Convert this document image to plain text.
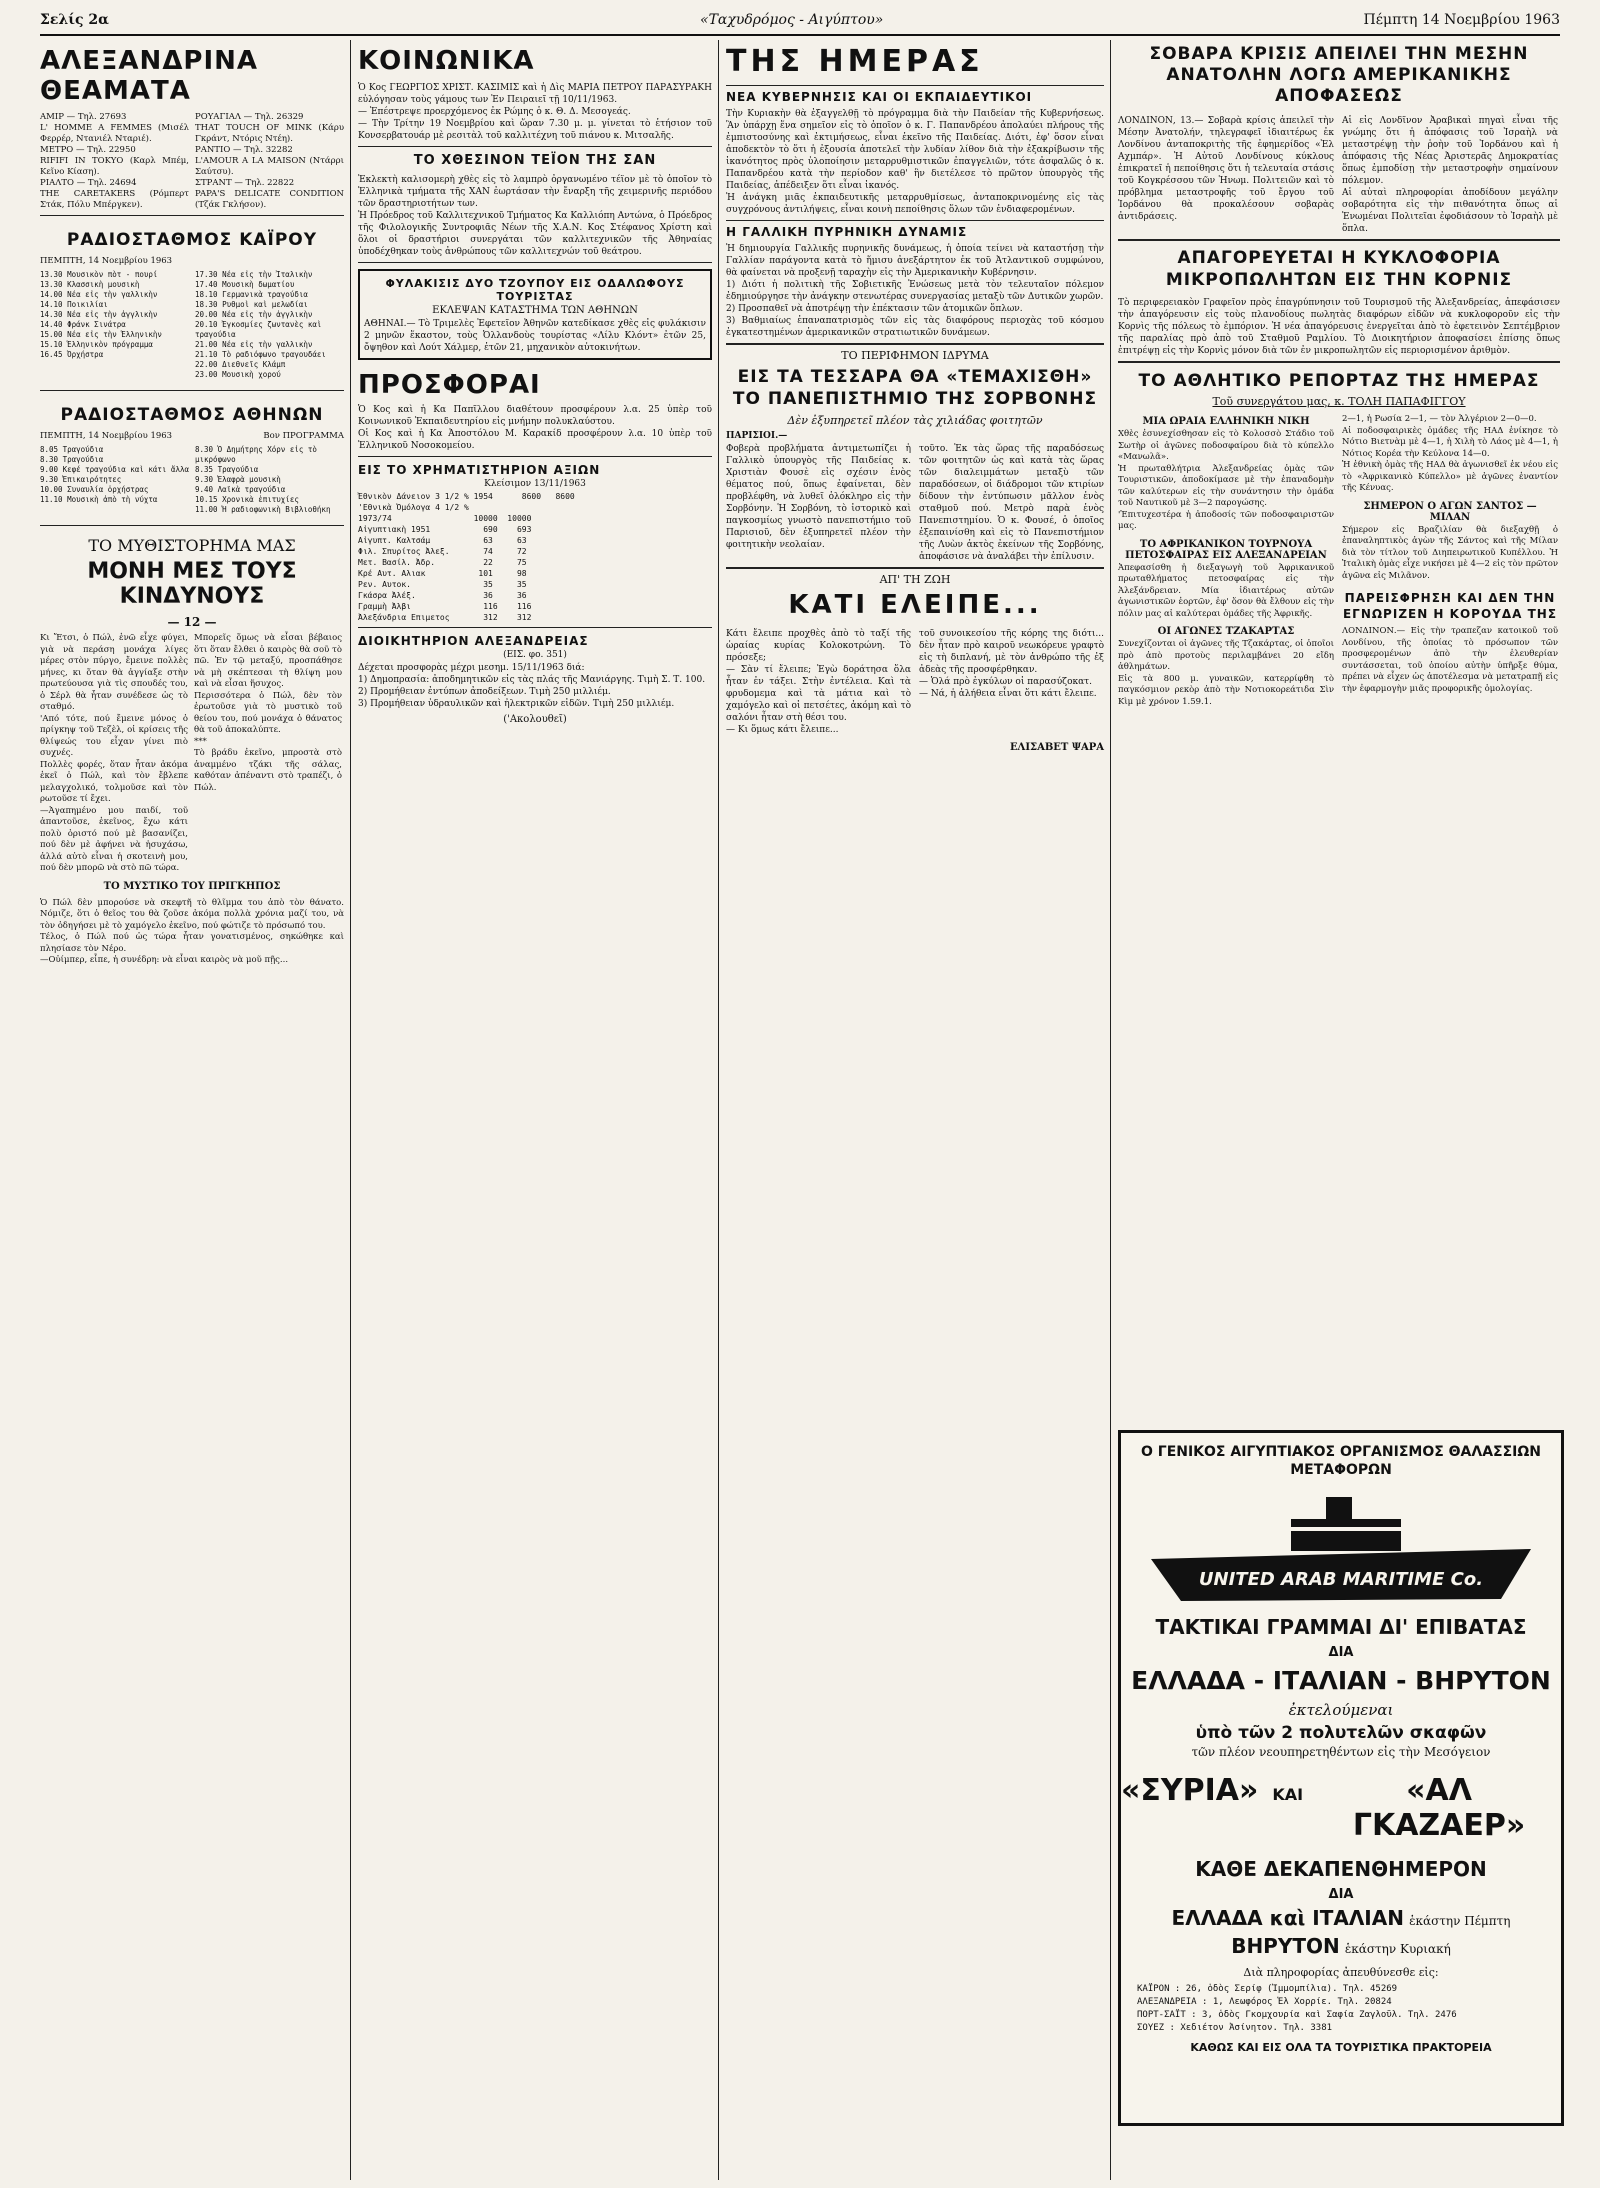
Σελίς 2α	«Ταχυδρόμος - Αιγύπτου»	Πέμπτη 14 Νοεμβρίου 1963
ΑΛΕΞΑΝΔΡΙΝΑ ΘΕΑΜΑΤΑ

ΑΜΙΡ — Τηλ. 27693
L' HOMME A FEMMES (Μισέλ Φερρέρ, Ντανιέλ Νταριέ).
ΜΕΤΡΟ — Τηλ. 22950
RIFIFI IN TOKYO (Καρλ Μπέμ, Κεῖνο Κίαση).
ΡΙΑΛΤΟ — Τηλ. 24694
THE CARETAKERS (Ρόμπερτ Στάκ, Πόλυ Μπέργκεν).

ΡΟΥΑΓΙΑΛ — Τηλ. 26329
THAT TOUCH OF MINK (Κάρυ Γκράντ, Ντόρις Ντέη).
ΡΑΝΤΙΟ — Τηλ. 32282
L'AMOUR A LA MAISON (Ντάρρι Σαύτσυ).
ΣΤΡΑΝΤ — Τηλ. 22822
PAPA'S DELICATE CONDITION (Τζάκ Γκλήσον).

ΡΑΔΙΟΣΤΑΘΜΟΣ ΚΑΪΡΟΥ

ΠΕΜΠΤΗ, 14 Νοεμβρίου 1963

13.30 Μουσικὸν πὸτ - πουρί
13.30 Κλασσικὴ μουσικὴ
14.00 Νέα εἰς τὴν γαλλικὴν
14.10 Ποικιλίαι
14.30 Νέα εἰς τὴν ἀγγλικὴν
14.40 Φράνκ Σινάτρα
15.00 Νέα εἰς τὴν Ἑλληνικὴν
15.10 Ἑλληνικὸν πρόγραμμα
16.45 Ὀρχήστρα

17.30 Νέα εἰς τὴν Ἰταλικὴν
17.40 Μουσικὴ δωματίου
18.10 Γερμανικὰ τραγούδια
18.30 Ρυθμοὶ καὶ μελωδίαι
20.00 Νέα εἰς τὴν ἀγγλικὴν
20.10 Ἐγκοσμίες ζωντανὲς καὶ τραγούδια
21.00 Νέα εἰς τὴν γαλλικὴν
21.10 Τὸ ραδιόφωνο τραγουδάει
22.00 Διεθνεῖς Κλάμπ
23.00 Μουσικὴ χορού

ΡΑΔΙΟΣΤΑΘΜΟΣ ΑΘΗΝΩΝ
ΠΕΜΠΤΗ, 14 Νοεμβρίου 1963	Βον ΠΡΟΓΡΑΜΜΑ

8.05 Τραγούδια
8.30 Τραγούδια
9.00 Κεφέ τραγούδια καὶ κάτι ἄλλα
9.30 Ἐπικαιρότητες
10.00 Συναυλία ὀρχήστρας
11.10 Μουσικὴ ἀπὸ τὴ νύχτα

8.30 Ὁ Δημήτρης Χόρν εἰς τὸ μικρόφωνο
8.35 Τραγούδια
9.30 Ἑλαφρὰ μουσικὴ
9.40 Λαϊκὰ τραγούδια
10.15 Χρονικὰ ἐπιτυχίες
11.00 Ἡ ραδιοφωνικὴ Βιβλιοθήκη

ΤΟ ΜΥΘΙΣΤΟΡΗΜΑ ΜΑΣ
ΜΟΝΗ ΜΕΣ ΤΟΥΣ ΚΙΝΔΥΝΟΥΣ

— 12 —

Κι Ἔτσι, ὁ Πώλ, ἐνῶ εἶχε φύγει, γιὰ νὰ περάση μονάχα λίγες μέρες στὸν πύργο, ἔμεινε πολλὲς μήνες, κι ὅταν θὰ ἀγγίαξε στὴν πρωτεύουσα γιὰ τὶς σπουδές του, ὁ Σέρλ θὰ ἦταν συνέδεσε ὡς τὸ σταθμό.
'Από τότε, πού ἔμεινε μόνος ὁ πρίγκηψ τοῦ Τεζὲλ, οἱ κρίσεις τῆς θλίψεώς του εἶχαν γίνει πιὸ συχνές.
Πολλὲς φορές, ὅταν ἦταν ἀκόμα ἐκεῖ ὁ Πώλ, καὶ τὸν ἔβλεπε μελαγχολικό, τολμοῦσε καὶ τὸν ρωτοῦσε τί ἔχει.
—Ἀγαπημένο μου παιδί, τοῦ ἀπαντοῦσε, ἐκεῖνος, ἔχω κάτι πολὺ ὀριστό πού μὲ βασανίζει, πού δὲν μὲ ἀφήνει νὰ ἡσυχάσω, ἀλλά αὐτὸ εἶναι ἡ σκοτεινὴ μου, πού δὲν μπορῶ νὰ στὸ πῶ τώρα.

Μπορεῖς ὅμως νὰ εἶσαι βέβαιος ὅτι ὅταν ἔλθει ὁ καιρὸς θὰ σοῦ τὸ πῶ. Ἐν τῷ μεταξύ, προσπάθησε νὰ μὴ σκέπτεσαι τὴ θλίψη μου καὶ νὰ εἶσαι ἥσυχος.
Περισσότερα ὁ Πώλ, δὲν τὸν ἐρωτοῦσε γιὰ τὸ μυστικὸ τοῦ θείου του, πού μονάχα ὁ θάνατος θὰ τοῦ ἀποκαλύπτε.
***
Τὸ βράδυ ἐκεῖνο, μπροστὰ στὸ ἀναμμένο τζάκι τῆς σάλας, καθόταν ἀπέναντι στὸ τραπέζι, ὁ Πώλ.

ΤΟ ΜΥΣΤΙΚΟ ΤΟΥ ΠΡΙΓΚΗΠΟΣ

Ὁ Πώλ δὲν μπορούσε νὰ σκεφτῆ τὸ θλῖμμα του ἀπὸ τὸν θάνατο. Νόμιζε, ὅτι ὁ θεῖος του θὰ ζοῦσε ἀκόμα πολλὰ χρόνια μαζί του, νὰ τὸν ὁδηγήσει μὲ τὸ χαμόγελο ἐκεῖνο, πού φώτιζε τὸ πρόσωπό του.
Τέλος, ὁ Πώλ πού ὡς τώρα ἦταν γονατισμένος, σηκώθηκε καὶ πλησίασε τὸν Νέρο.
—Οὐίμπερ, εἶπε, ἡ συνέδρη: νὰ εἶναι καιρὸς νὰ μοῦ πῇς...

ΚΟΙΝΩΝΙΚΑ

Ὁ Κος ΓΕΩΡΓΙΟΣ ΧΡΙΣΤ. ΚΑΣΙΜΙΣ καὶ ἡ Δὶς ΜΑΡΙΑ ΠΕΤΡΟΥ ΠΑΡΑΣΥΡΑΚΗ εὐλόγησαν τοὺς γάμους των Ἐν Πειραιεῖ τῇ 10/11/1963.
— Ἐπέστρεψε προερχόμενος ἐκ Ρώμης ὁ κ. Θ. Δ. Μεσογεάς.
— Τὴν Τρίτην 19 Νοεμβρίου καὶ ὥραν 7.30 μ. μ. γίνεται τὸ ἑτήσιον τοῦ Κονσερβατουάρ μὲ ρεσιτὰλ τοῦ καλλιτέχνη τοῦ πιάνου κ. Μιτσαλῆς.

ΤΟ ΧΘΕΣΙΝΟΝ ΤΕΪΟΝ ΤΗΣ ΣΑΝ

Ἐκλεκτὴ καλισομερὴ χθὲς εἰς τὸ λαμπρὸ ὀργανωμένο τέϊον μὲ τὸ ὁποῖον τὸ Ἑλληνικὰ τμήματα τῆς ΧΑΝ ἐωρτάσαν τὴν ἔναρξη τῆς χειμερινῆς περιόδου τῶν δραστηριοτήτων των.
Ἡ Πρόεδρος τοῦ Καλλιτεχνικοῦ Τμήματος Κα Καλλιόπη Αντώνα, ὁ Πρόεδρος τῆς Φιλολογικῆς Συντροφιᾶς Νέων τῆς Χ.Α.Ν. Κος Στέφανος Χρίστη καὶ ὅλοι οἱ δραστήριοι συνεργάται τῶν καλλιτεχνικῶν τῆς Ἀθηναίας ὑποδέχθηκαν τοὺς ἀνθρώπους τῶν καλλιτεχνών τοῦ θεάτρου.

ΦΥΛΑΚΙΣΙΣ ΔΥΟ ΤΖΟΥΠΟΥ ΕΙΣ ΟΔΑΛΩΦΟΥΣ ΤΟΥΡΙΣΤΑΣ

ΕΚΛΕΨΑΝ ΚΑΤΑΣΤΗΜΑ ΤΩΝ ΑΘΗΝΩΝ

ΑΘΗΝΑΙ.— Τὸ Τριμελὲς Ἐφετεῖον Ἀθηνῶν κατεδίκασε χθὲς εἰς φυλάκισιν 2 μηνῶν ἕκαστον, τοὺς Ὀλλανδοὺς τουρίστας «Λίλυ Κλόντ» ἐτῶν 25, ὄψηθον καὶ Λούτ Χάλμερ, ἐτῶν 21, μηχανικὸν αὐτοκινήτων.

ΠΡΟΣΦΟΡΑΙ

Ὁ Κος καὶ ἡ Κα Παπῖλλου διαθέτουν προσφέρουν λ.α. 25 ὑπὲρ τοῦ Κοινωνικοῦ Ἐκπαιδευτηρίου εἰς μνήμην πολυκλαύστου.
Οἱ Κος καὶ ἡ Κα Ἀποστόλου Μ. Καρακίδ προσφέρουν λ.α. 10 ὑπὲρ τοῦ Ἑλληνικοῦ Νοσοκομείου.

ΕΙΣ ΤΟ ΧΡΗΜΑΤΙΣΤΗΡΙΟΝ ΑΞΙΩΝ

Κλείσιμον 13/11/1963

Ἐθνικὸν Δάνειον 3 1/2 % 1954      8600   8600
'Εθνικὰ Ὀμόλογα 4 1/2 %
1973/74                 10000  10000
Αἰγυπτιακὴ 1951           690    693
Αἰγυπτ. Καλτσάμ           63     63
Φιλ. Σπυρίτος Ἀλεξ.       74     72
Μετ. Βασίλ. Ἀδρ.          22     75
Κρέ Αυτ. Αλιακ           101     98
Ρεν. Αυτοκ.               35     35
Γκάσρα Ἀλέξ.              36     36
Γραμμὴ Ἀλβι               116    116
Ἀλεξάνδρια Επιμετος       312    312

ΔΙΟΙΚΗΤΗΡΙΟΝ ΑΛΕΞΑΝΔΡΕΙΑΣ

(ΕΙΣ. φο. 351)

Δέχεται προσφορὰς μέχρι μεσημ. 15/11/1963 διά:
1) Δημοπρασία: ἀποδημητικῶν εἰς τὰς πλάς τῆς Μανιάργης. Τιμὴ Σ. Τ. 100.
2) Προμήθειαν ἐντύπων ἀποδείξεων. Τιμὴ 250 μιλλιέμ.
3) Προμήθειαν ὑδραυλικῶν καὶ ἠλεκτρικῶν εἰδῶν. Τιμὴ 250 μιλλιέμ.

('Ακολουθεῖ)

ΤΗΣ ΗΜΕΡΑΣ
ΝΕΑ ΚΥΒΕΡΝΗΣΙΣ ΚΑΙ ΟΙ ΕΚΠΑΙΔΕΥΤΙΚΟΙ

Τὴν Κυριακὴν θὰ ἐξαγγελθῇ τὸ πρόγραμμα διὰ τὴν Παιδείαν τῆς Κυβερνήσεως. Ἂν ὑπάρχῃ ἕνα σημεῖον εἰς τὸ ὁποῖον ὁ κ. Γ. Παπανδρέου ἀπολαύει πλήρους τῆς ἐμπιστοσύνης καὶ ἐκτιμήσεως, εἶναι ἐκεῖνο τῆς Παιδείας. Διότι, ἐφ' ὅσον εἶναι ἀποδεκτὸν τὸ ὅτι ἡ ἐξουσία ἀποτελεῖ τὴν λυδίαν λίθον διὰ τὴν ἐξακρίβωσιν τῆς ἱκανότητος πρὸς ὑλοποίησιν μεταρρυθμιστικῶν ἐπαγγελιῶν, τότε ἀσφαλῶς ὁ κ. Παπανδρέου κατὰ τὴν περίοδον καθ' ἣν διετέλεσε τὸ πρῶτον ὑπουργὸς τῆς Παιδείας, ἀπέδειξεν ὅτι εἶναι ἱκανός.
Ἡ ἀνάγκη μιᾶς ἐκπαιδευτικῆς μεταρρυθμίσεως, ἀνταποκρινομένης εἰς τὰς συγχρόνους ἀντιλήψεις, εἶναι κοινὴ πεποίθησις ὅλων τῶν ἐνδιαφερομένων.

Η ΓΑΛΛΙΚΗ ΠΥΡΗΝΙΚΗ ΔΥΝΑΜΙΣ

Ἡ δημιουργία Γαλλικῆς πυρηνικῆς δυνάμεως, ἡ ὁποία τείνει νὰ καταστήσῃ τὴν Γαλλίαν παράγοντα κατὰ τὸ ἥμισυ ἀνεξάρτητον ἐκ τοῦ Ἀτλαντικοῦ συμφώνου, θὰ φαίνεται νὰ προξενῇ ταραχὴν εἰς τὴν Ἀμερικανικὴν Κυβέρνησιν.
1) Διότι ἡ πολιτικὴ τῆς Σοβιετικῆς Ἑνώσεως μετὰ τὸν τελευταῖον πόλεμον ἐδημιούργησε τὴν ἀνάγκην στενωτέρας συνεργασίας μεταξὺ τῶν Δυτικῶν χωρῶν.
2) Προσπαθεῖ νὰ ἀποτρέψῃ τὴν ἐπέκτασιν τῶν ἀτομικῶν ὅπλων.
3) Βαθμιαίως ἐπαναπατρισμὸς τῶν εἰς τὰς διαφόρους περιοχὰς τοῦ κόσμου ἐγκατεστημένων ἀμερικανικῶν στρατιωτικῶν δυνάμεων.

ΤΟ ΠΕΡΙΦΗΜΟΝ ΙΔΡΥΜΑ

ΕΙΣ ΤΑ ΤΕΣΣΑΡΑ ΘΑ «ΤΕΜΑΧΙΣΘΗ» ΤΟ ΠΑΝΕΠΙΣΤΗΜΙΟ ΤΗΣ ΣΟΡΒΟΝΗΣ

Δὲν ἐξυπηρετεῖ πλέον τὰς χιλιάδας φοιτητῶν

ΠΑΡΙΣΙΟΙ.—

Φοβερὰ προβλήματα ἀντιμετωπίζει ἡ Γαλλικὸ ὑπουργὸς τῆς Παιδείας κ. Χριστιὰν Φουσὲ εἰς σχέσιν ἐνὸς θέματος πού, ὅπως ἐφαίνεται, δὲν προβλέφθη, νὰ λυθεῖ ὁλόκληρο εἰς τὴν Σορβόνην. Ἡ Σορβόνη, τὸ ἰστορικὸ καὶ παγκοσμίως γνωστὸ πανεπιστήμιο τοῦ Παρισιοῦ, δὲν ἐξυπηρετεῖ πλέον τὴν φοιτητικὴν νεολαίαν.

τοῦτο. Ἐκ τὰς ὥρας τῆς παραδόσεως τῶν φοιτητῶν ὡς καὶ κατὰ τὰς ὥρας τῶν διαλειμμάτων μεταξὺ τῶν παραδόσεων, οἱ διάδρομοι τῶν κτιρίων δίδουν τὴν ἐντύπωσιν μᾶλλον ἐνὸς σταθμοῦ πού. Μετρὸ παρὰ ἑνὸς Πανεπιστημίου. Ὁ κ. Φουσέ, ὁ ὁποῖος ἐξεπαινίσθη καὶ εἰς τὸ Πανεπιστήμιον τῆς Λυὼν ἀκτὸς ἐκείνων τῆς Σορβόνης, ἀποφάσισε νὰ ἀναλάβει τὴν ἐπίλυσιν.

ΑΠ' ΤΗ ΖΩΗ

ΚΑΤΙ ΕΛΕΙΠΕ...

Κάτι ἔλειπε προχθὲς ἀπὸ τὸ ταξί τῆς ὡραίας κυρίας Κολοκοτρώνη. Τὸ πρόσεξε;
— Σὰν τί ἔλειπε; Ἐγὼ δοράτησα ὅλα ἦταν ἐν τάξει. Στὴν ἐντέλεια. Καὶ τὰ φρυδομεμα καὶ τὰ μάτια καὶ τὸ χαμόγελο καὶ οἱ πετσέτες, ἀκόμη καὶ τὸ σαλόνι ἦταν στὴ θέσι του.
— Κι ὅμως κάτι ἔλειπε...

τοῦ συνοικεσίου τῆς κόρης της διότι... δὲν ἦταν πρὸ καιροῦ νεωκόρευε γραφτὸ εἰς τὴ διπλανή, μὲ τὸν ἀνθρώπο τῆς ἐξ ἀδεὰς τῆς προσφέρθηκαν.
— Ὁλά πρὸ ἐγκύλων οἱ παρασύζοκατ.
— Νά, ἡ ἀλήθεια εἶναι ὅτι κάτι ἔλειπε.

ΕΛΙΣΑΒΕΤ ΨΑΡΑ

ΣΟΒΑΡΑ ΚΡΙΣΙΣ ΑΠΕΙΛΕΙ ΤΗΝ ΜΕΣΗΝ ΑΝΑΤΟΛΗΝ ΛΟΓΩ ΑΜΕΡΙΚΑΝΙΚΗΣ ΑΠΟΦΑΣΕΩΣ

ΛΟΝΔΙΝΟΝ, 13.— Σοβαρὰ κρίσις ἀπειλεῖ τὴν Μέσην Ἀνατολήν, τηλεγραφεῖ ἰδιαιτέρως ἐκ Λονδίνου ἀνταποκριτὴς τῆς ἐφημερίδος «Ἐλ Αχμπάρ». Ἡ Αὐτοῦ Λονδίνους κύκλους ἐπικρατεῖ ἡ πεποίθησις ὅτι ἡ τελευταία στάσις τοῦ Κογκρέσσου τῶν Ἡνωμ. Πολιτειῶν καὶ τὸ πρόβλημα μεταστροφῆς τοῦ ἔργου τοῦ Ἰορδάνου θὰ προκαλέσουν σοβαρὰς ἀντιδράσεις.

Αἱ εἰς Λονδῖνον Ἀραβικαὶ πηγαὶ εἶναι τῆς γνώμης ὅτι ἡ ἀπόφασις τοῦ Ἰσραὴλ νὰ μεταστρέψῃ τὴν ῥοὴν τοῦ Ἰορδάνου καὶ ἡ ἀπόφασις τῆς Νέας Ἀριστερᾶς Δημοκρατίας ὅπως ἐμποδίσῃ τὴν μεταστροφὴν σημαίνουν πόλεμον.
Αἱ αὐταὶ πληροφορίαι ἀποδίδουν μεγάλην σοβαρότητα εἰς τὴν πιθανότητα ὅπως αἱ Ἑνωμέναι Πολιτεῖαι ἐφοδιάσουν τὸ Ἰσραὴλ μὲ ὅπλα.

ΑΠΑΓΟΡΕΥΕΤΑΙ Η ΚΥΚΛΟΦΟΡΙΑ ΜΙΚΡΟΠΩΛΗΤΩΝ ΕΙΣ ΤΗΝ ΚΟΡΝΙΣ

Τὸ περιφερειακὸν Γραφεῖον πρὸς ἐπαγρύπνησιν τοῦ Τουρισμοῦ τῆς Ἀλεξανδρείας, ἀπεφάσισεν τὴν ἀπαγόρευσιν εἰς τοὺς πλανοδίους πωλητὰς διαφόρων εἰδῶν νὰ κυκλοφοροῦν εἰς τὴν Κορνὶς τῆς πόλεως τὸ ἐμπόριον. Ἡ νέα ἀπαγόρευσις ἐνεργεῖται ἀπὸ τὸ ἐφετεινὸν Σεπτέμβριον τῆς παραλίας πρὸ ἀπὸ τοῦ Σταθμοῦ Ραμλίου. Τὸ Διοικητήριον ἀποφασίσει ἐπίσης ὅπως ἐπιτρέψῃ εἰς τὴν Κορνὶς μόνον διὰ τῶν ἐν μικροπωλητῶν εἰς περιορισμένον ἀριθμὸν.

ΤΟ ΑΘΛΗΤΙΚΟ ΡΕΠΟΡΤΑΖ ΤΗΣ ΗΜΕΡΑΣ

Τοῦ συνεργάτου μας, κ. ΤΟΛΗ ΠΑΠΑΦΙΓΓΟΥ

ΜΙΑ ΩΡΑΙΑ ΕΛΛΗΝΙΚΗ ΝΙΚΗ

Χθὲς ἐσυνεχίσθησαν εἰς τὸ Κολοσσὸ Στάδιο τοῦ Σωτὴρ οἱ ἀγῶνες ποδοσφαίρου διὰ τὸ κύπελλο «Μανωλᾶ».
Ἡ πρωταθλήτρια Ἀλεξανδρείας ὁμὰς τῶν Τουριστικῶν, ἀποδοκίμασε μὲ τὴν ἐπαναδομὴν τῶν καλύτερων εἰς τὴν συνάντησιν τὴν ὁμάδα τοῦ Ναυτικοῦ μὲ 3—2 παρογώσης.
'Ἐπιτυχεστέρα ἡ ἀποδοσίς τῶν ποδοσφαιριστῶν μας.

ΤΟ ΑΦΡΙΚΑΝΙΚΟΝ ΤΟΥΡΝΟΥΑ ΠΕΤΟΣΦΑΙΡΑΣ ΕΙΣ ΑΛΕΞΑΝΔΡΕΙΑΝ

Ἀπεφασίσθη ἡ διεξαγωγὴ τοῦ Ἀφρικανικοῦ πρωταθλήματος πετοσφαίρας εἰς τὴν Ἀλεξάνδρειαν. Μία ἰδιαιτέρως αὐτῶν ἀγωνιστικῶν ἑορτῶν, ἐφ' ὅσον θὰ ἔλθουν εἰς τὴν πόλιν μας αἱ καλύτεραι ὁμάδες τῆς Ἀφρικῆς.

ΟΙ ΑΓΩΝΕΣ ΤΖΑΚΑΡΤΑΣ

Συνεχίζονται οἱ ἀγῶνες τῆς Τζακάρτας, οἱ ὁποῖοι πρὸ ἀπὸ προτοὺς περιλαμβάνει 20 εἴδη ἀθλημάτων.
Εἰς τὰ 800 μ. γυναικῶν, κατερρίφθη τὸ παγκόσμιον ρεκὸρ ἀπὸ τὴν Νοτιοκορεάτιδα Σὶν Κὶμ μὲ χρόνον 1.59.1.

2—1, ἡ Ρωσία 2—1, — τὸν Ἀλγέριον 2—0—0.
Αἱ ποδοσφαιρικὲς ὁμάδες τῆς ΗΑΔ ἐνίκησε τὸ Νότιο Βιετνὰμ μὲ 4—1, ἡ Χιλὴ τὸ Λάος μὲ 4—1, ἡ Νότιος Κορέα τὴν Κεύλονα 14—0.
Ἡ ἐθνικὴ ὁμὰς τῆς ΗΑΔ θὰ ἀγωνισθεῖ ἐκ νέου εἰς τὸ «Ἀφρικανικὸ Κύπελλο» μὲ ἀγῶνες ἐναντίον τῆς Κένυας.

ΣΗΜΕΡΟΝ Ο ΑΓΩΝ ΣΑΝΤΟΣ — ΜΙΛΑΝ

Σήμερον εἰς Βραζιλίαν θὰ διεξαχθῇ ὁ ἐπαναληπτικὸς ἀγὼν τῆς Σάντος καὶ τῆς Μίλαν διὰ τὸν τίτλον τοῦ Διηπειρωτικοῦ Κυπέλλου. Ἡ Ἰταλικὴ ὁμὰς εἶχε νικήσει μὲ 4—2 εἰς τὸν πρῶτον ἀγῶνα εἰς Μιλᾶνον.

ΠΑΡΕΙΣΦΡΗΣΗ ΚΑΙ ΔΕΝ ΤΗΝ ΕΓΝΩΡΙΖΕΝ Η ΚΟΡΟΥΔΑ ΤΗΣ

ΛΟΝΔΙΝΟΝ.— Εἰς τὴν τραπεζαν κατοικοῦ τοῦ Λονδίνου, τῆς ὁποίας τὸ πρόσωπον τῶν προσφερομένων ἀπὸ τὴν ἐλευθερίαν συντάσσεται, τοῦ ὁποίου αὐτὴν ὑπῆρξε θύμα, πρέπει νὰ εἶχεν ὡς ἀποτέλεσμα νὰ μετατραπῇ εἰς τὴν ἐφαρμογὴν μιᾶς προφορικῆς ὁμολογίας.

Ο ΓΕΝΙΚΟΣ ΑΙΓΥΠΤΙΑΚΟΣ ΟΡΓΑΝΙΣΜΟΣ ΘΑΛΑΣΣΙΩΝ ΜΕΤΑΦΟΡΩΝ

UNITED ARAB MARITIME Co.

ΤΑΚΤΙΚΑΙ ΓΡΑΜΜΑΙ ΔΙ' ΕΠΙΒΑΤΑΣ

ΔΙΑ

ΕΛΛΑΔΑ - ΙΤΑΛΙΑΝ - ΒΗΡΥΤΟΝ

ἐκτελούμεναι

ὑπὸ τῶν 2 πολυτελῶν σκαφῶν

τῶν πλέον νεουπηρετηθέντων εἰς τὴν Μεσόγειον

«ΣΥΡΙΑ» ΚΑΙ	«ΑΛ ΓΚΑΖΑΕΡ»

ΚΑΘΕ ΔΕΚΑΠΕΝΘΗΜΕΡΟΝ

ΔΙΑ

ΕΛΛΑΔΑ καὶ ΙΤΑΛΙΑΝ ἑκάστην Πέμπτη

ΒΗΡΥΤΟΝ ἑκάστην Κυριακή

Διὰ πληροφορίας ἀπευθύνεσθε εἰς:

ΚΑΪΡΟΝ : 26, ὁδὸς Σερίφ (Ἰμμομπίλια). Τηλ. 45269
ΑΛΕΞΑΝΔΡΕΙΑ : 1, Λεωφόρος Ἑλ Χορρίε. Τηλ. 20824
ΠΟΡΤ-ΣΑΪΤ : 3, ὁδὸς Γκομχουρία καὶ Σαφία Ζαγλοῦλ. Τηλ. 2476
ΣΟΥΕΖ : Χεδιέτον Ἀσίνητον. Τηλ. 3381

ΚΑΘΩΣ ΚΑΙ ΕΙΣ ΟΛΑ ΤΑ ΤΟΥΡΙΣΤΙΚΑ ΠΡΑΚΤΟΡΕΙΑ
